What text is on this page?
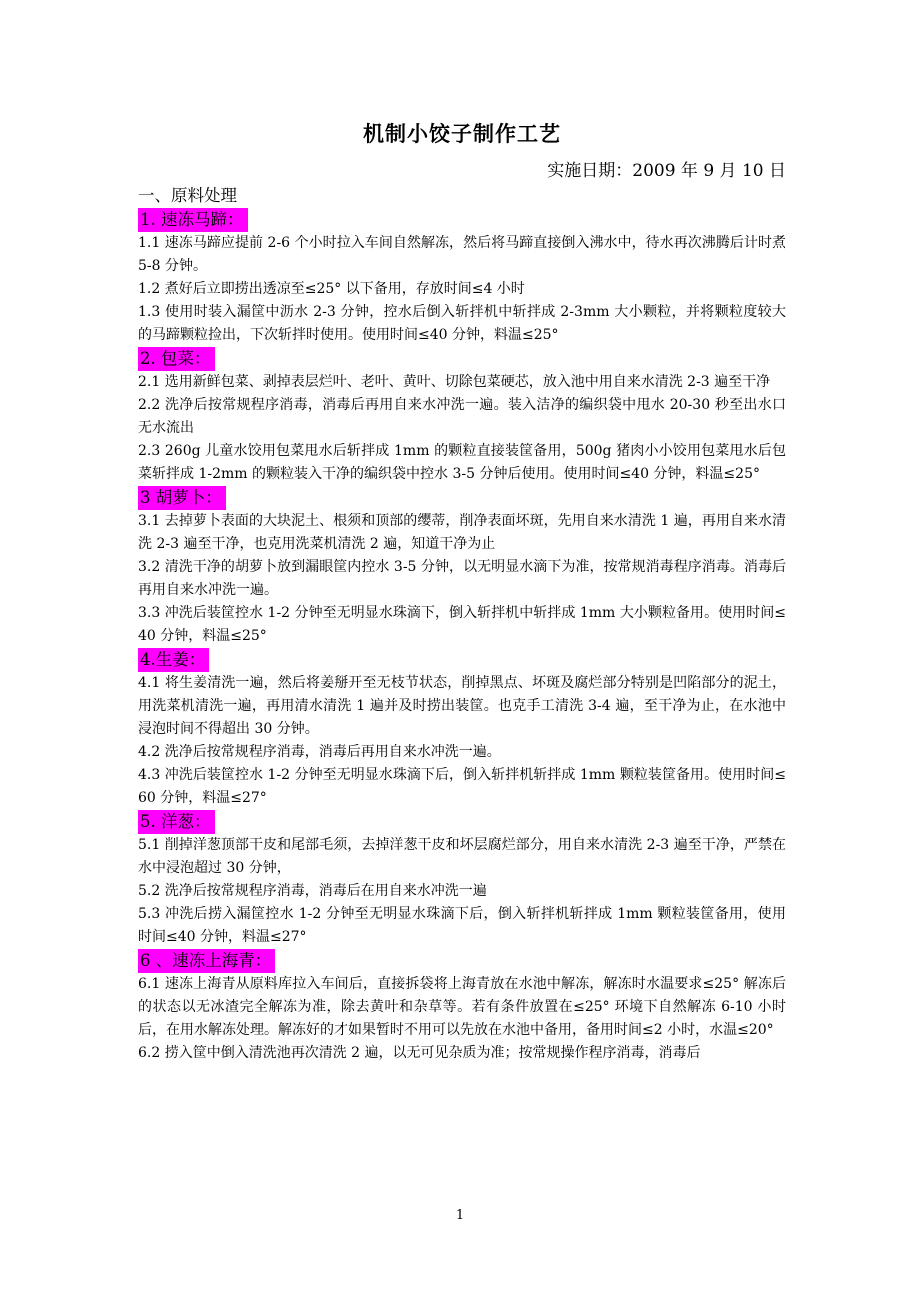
机制小饺子制作工艺
实施日期：2009 年 9 月 10 日
一、原料处理
1. 速冻马蹄：

1.1 速冻马蹄应提前 2-6 个小时拉入车间自然解冻，然后将马蹄直接倒入沸水中，待水再次沸腾后计时煮 5-8 分钟。

1.2 煮好后立即捞出透凉至≤25° 以下备用，存放时间≤4 小时

1.3 使用时装入漏筐中沥水 2-3 分钟，控水后倒入斩拌机中斩拌成 2-3mm 大小颗粒，并将颗粒度较大的马蹄颗粒捡出，下次斩拌时使用。使用时间≤40 分钟，料温≤25°

2. 包菜：

2.1 选用新鲜包菜、剥掉表层烂叶、老叶、黄叶、切除包菜硬芯，放入池中用自来水清洗 2-3 遍至干净

2.2 洗净后按常规程序消毒，消毒后再用自来水冲洗一遍。装入洁净的编织袋中甩水 20-30 秒至出水口无水流出

2.3 260g 儿童水饺用包菜甩水后斩拌成 1mm 的颗粒直接装筐备用，500g 猪肉小小饺用包菜甩水后包菜斩拌成 1-2mm 的颗粒装入干净的编织袋中控水 3-5 分钟后使用。使用时间≤40 分钟，料温≤25°

3 胡萝卜：

3.1 去掉萝卜表面的大块泥土、根须和顶部的缨蒂，削净表面坏斑，先用自来水清洗 1 遍，再用自来水清洗 2-3 遍至干净，也克用洗菜机清洗 2 遍，知道干净为止

3.2 清洗干净的胡萝卜放到漏眼筐内控水 3-5 分钟，以无明显水滴下为准，按常规消毒程序消毒。消毒后再用自来水冲洗一遍。

3.3 冲洗后装筐控水 1-2 分钟至无明显水珠滴下，倒入斩拌机中斩拌成 1mm 大小颗粒备用。使用时间≤40 分钟，料温≤25°

4.生姜：

4.1 将生姜清洗一遍，然后将姜掰开至无枝节状态，削掉黑点、坏斑及腐烂部分特别是凹陷部分的泥土，用洗菜机清洗一遍，再用清水清洗 1 遍并及时捞出装筐。也克手工清洗 3-4 遍，至干净为止，在水池中浸泡时间不得超出 30 分钟。

4.2 洗净后按常规程序消毒，消毒后再用自来水冲洗一遍。

4.3 冲洗后装筐控水 1-2 分钟至无明显水珠滴下后，倒入斩拌机斩拌成 1mm 颗粒装筐备用。使用时间≤60 分钟，料温≤27°

5. 洋葱：

5.1 削掉洋葱顶部干皮和尾部毛须，去掉洋葱干皮和坏层腐烂部分，用自来水清洗 2-3 遍至干净，严禁在水中浸泡超过 30 分钟，

5.2 洗净后按常规程序消毒，消毒后在用自来水冲洗一遍

5.3 冲洗后捞入漏筐控水 1-2 分钟至无明显水珠滴下后，倒入斩拌机斩拌成 1mm 颗粒装筐备用，使用时间≤40 分钟，料温≤27°

6 、速冻上海青：

6.1 速冻上海青从原料库拉入车间后，直接拆袋将上海青放在水池中解冻，解冻时水温要求≤25° 解冻后的状态以无冰渣完全解冻为准，除去黄叶和杂草等。若有条件放置在≤25° 环境下自然解冻 6-10 小时后，在用水解冻处理。解冻好的才如果暂时不用可以先放在水池中备用，备用时间≤2 小时，水温≤20°

6.2 捞入筐中倒入清洗池再次清洗 2 遍，以无可见杂质为准；按常规操作程序消毒，消毒后

1
